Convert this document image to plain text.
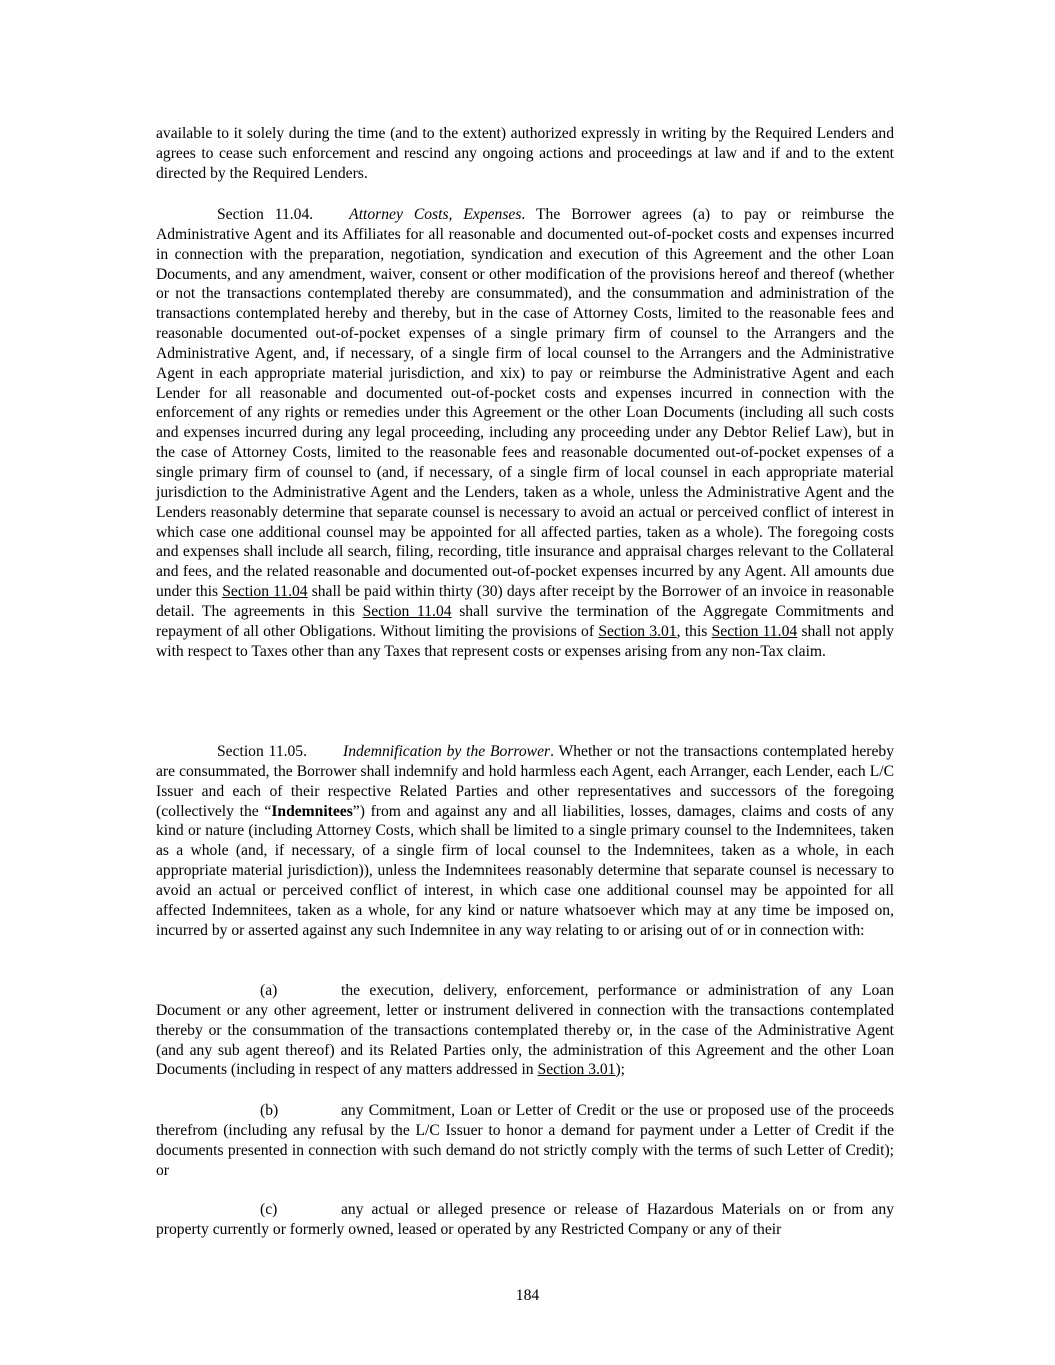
available to it solely during the time (and to the extent) authorized expressly in writing by the Required Lenders and agrees to cease such enforcement and rescind any ongoing actions and proceedings at law and if and to the extent directed by the Required Lenders.

Section 11.04. Attorney Costs, Expenses. The Borrower agrees (a) to pay or reimburse the Administrative Agent and its Affiliates for all reasonable and documented out-of-pocket costs and expenses incurred in connection with the preparation, negotiation, syndication and execution of this Agreement and the other Loan Documents, and any amendment, waiver, consent or other modification of the provisions hereof and thereof (whether or not the transactions contemplated thereby are consummated), and the consummation and administration of the transactions contemplated hereby and thereby, but in the case of Attorney Costs, limited to the reasonable fees and reasonable documented out-of-pocket expenses of a single primary firm of counsel to the Arrangers and the Administrative Agent, and, if necessary, of a single firm of local counsel to the Arrangers and the Administrative Agent in each appropriate material jurisdiction, and xix) to pay or reimburse the Administrative Agent and each Lender for all reasonable and documented out-of-pocket costs and expenses incurred in connection with the enforcement of any rights or remedies under this Agreement or the other Loan Documents (including all such costs and expenses incurred during any legal proceeding, including any proceeding under any Debtor Relief Law), but in the case of Attorney Costs, limited to the reasonable fees and reasonable documented out-of-pocket expenses of a single primary firm of counsel to (and, if necessary, of a single firm of local counsel in each appropriate material jurisdiction to the Administrative Agent and the Lenders, taken as a whole, unless the Administrative Agent and the Lenders reasonably determine that separate counsel is necessary to avoid an actual or perceived conflict of interest in which case one additional counsel may be appointed for all affected parties, taken as a whole). The foregoing costs and expenses shall include all search, filing, recording, title insurance and appraisal charges relevant to the Collateral and fees, and the related reasonable and documented out-of-pocket expenses incurred by any Agent. All amounts due under this Section 11.04 shall be paid within thirty (30) days after receipt by the Borrower of an invoice in reasonable detail. The agreements in this Section 11.04 shall survive the termination of the Aggregate Commitments and repayment of all other Obligations. Without limiting the provisions of Section 3.01, this Section 11.04 shall not apply with respect to Taxes other than any Taxes that represent costs or expenses arising from any non-Tax claim.

Section 11.05. Indemnification by the Borrower. Whether or not the transactions contemplated hereby are consummated, the Borrower shall indemnify and hold harmless each Agent, each Arranger, each Lender, each L/C Issuer and each of their respective Related Parties and other representatives and successors of the foregoing (collectively the “Indemnitees”) from and against any and all liabilities, losses, damages, claims and costs of any kind or nature (including Attorney Costs, which shall be limited to a single primary counsel to the Indemnitees, taken as a whole (and, if necessary, of a single firm of local counsel to the Indemnitees, taken as a whole, in each appropriate material jurisdiction)), unless the Indemnitees reasonably determine that separate counsel is necessary to avoid an actual or perceived conflict of interest, in which case one additional counsel may be appointed for all affected Indemnitees, taken as a whole, for any kind or nature whatsoever which may at any time be imposed on, incurred by or asserted against any such Indemnitee in any way relating to or arising out of or in connection with:

(a)	the execution, delivery, enforcement, performance or administration of any Loan Document or any other agreement, letter or instrument delivered in connection with the transactions contemplated thereby or the consummation of the transactions contemplated thereby or, in the case of the Administrative Agent (and any sub agent thereof) and its Related Parties only, the administration of this Agreement and the other Loan Documents (including in respect of any matters addressed in Section 3.01);

(b)	any Commitment, Loan or Letter of Credit or the use or proposed use of the proceeds therefrom (including any refusal by the L/C Issuer to honor a demand for payment under a Letter of Credit if the documents presented in connection with such demand do not strictly comply with the terms of such Letter of Credit); or

(c)	any actual or alleged presence or release of Hazardous Materials on or from any property currently or formerly owned, leased or operated by any Restricted Company or any of their

184
